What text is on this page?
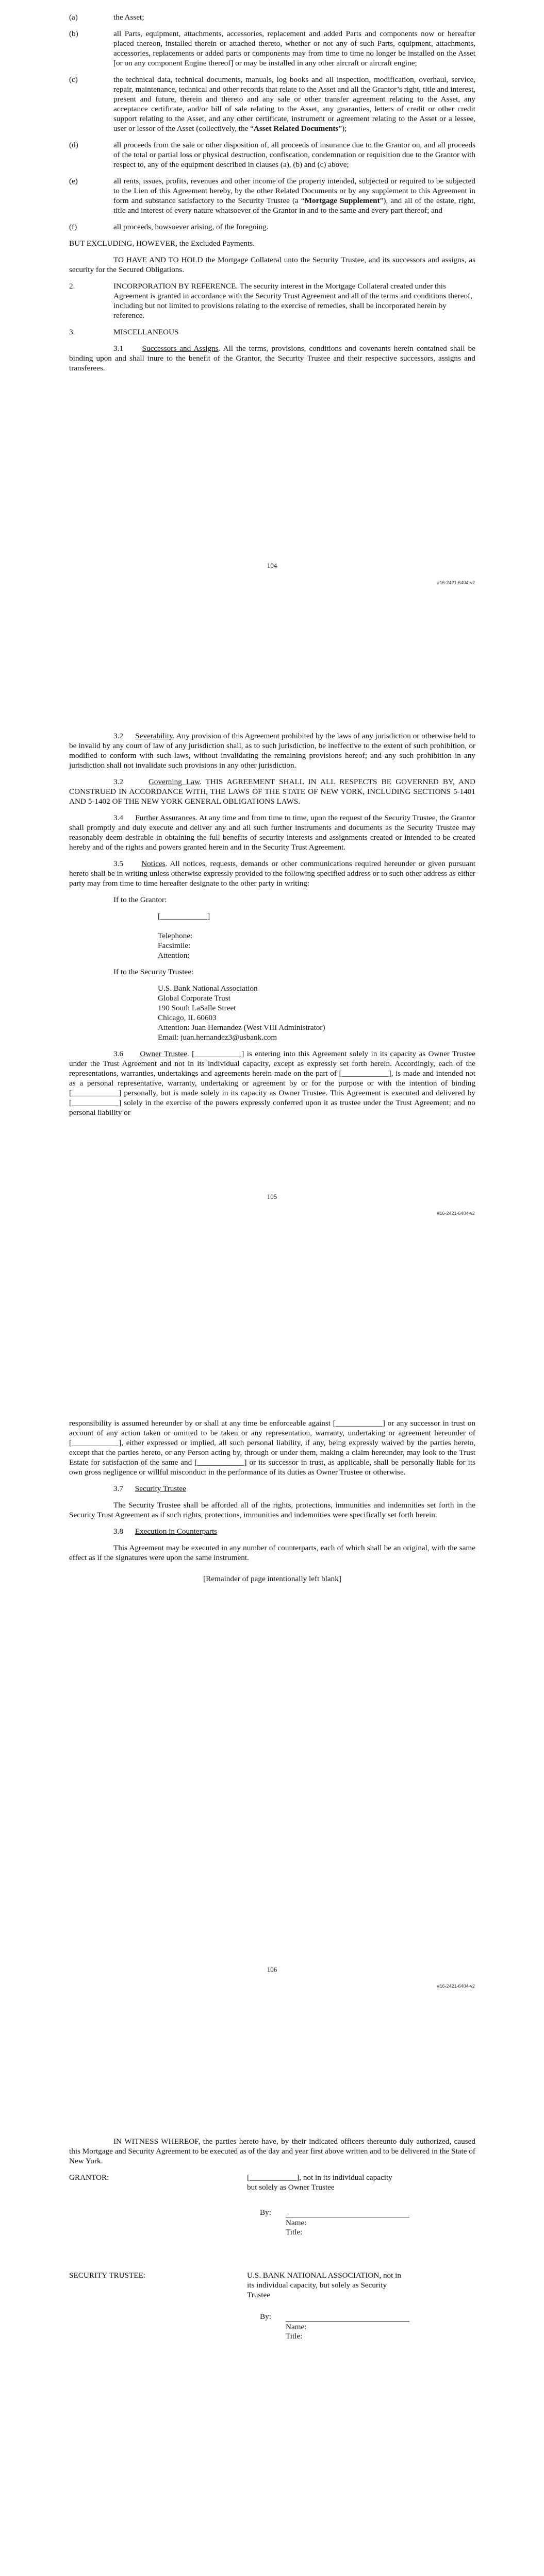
(a)	the Asset;
(b)	all Parts, equipment, attachments, accessories, replacement and added Parts and components now or hereafter placed thereon, installed therein or attached thereto, whether or not any of such Parts, equipment, attachments, accessories, replacements or added parts or components may from time to time no longer be installed on the Asset [or on any component Engine thereof] or may be installed in any other aircraft or aircraft engine;
(c)	the technical data, technical documents, manuals, log books and all inspection, modification, overhaul, service, repair, maintenance, technical and other records that relate to the Asset and all the Grantor’s right, title and interest, present and future, therein and thereto and any sale or other transfer agreement relating to the Asset, any acceptance certificate, and/or bill of sale relating to the Asset, any guaranties, letters of credit or other credit support relating to the Asset, and any other certificate, instrument or agreement relating to the Asset or a lessee, user or lessor of the Asset (collectively, the “Asset Related Documents”);
(d)	all proceeds from the sale or other disposition of, all proceeds of insurance due to the Grantor on, and all proceeds of the total or partial loss or physical destruction, confiscation, condemnation or requisition due to the Grantor with respect to, any of the equipment described in clauses (a), (b) and (c) above;
(e)	all rents, issues, profits, revenues and other income of the property intended, subjected or required to be subjected to the Lien of this Agreement hereby, by the other Related Documents or by any supplement to this Agreement in form and substance satisfactory to the Security Trustee (a “Mortgage Supplement”), and all of the estate, right, title and interest of every nature whatsoever of the Grantor in and to the same and every part thereof; and
(f)	all proceeds, howsoever arising, of the foregoing.

BUT EXCLUDING, HOWEVER, the Excluded Payments.

TO HAVE AND TO HOLD the Mortgage Collateral unto the Security Trustee, and its successors and assigns, as security for the Secured Obligations.

2.	INCORPORATION BY REFERENCE. The security interest in the Mortgage Collateral created under this Agreement is granted in accordance with the Security Trust Agreement and all of the terms and conditions thereof, including but not limited to provisions relating to the exercise of remedies, shall be incorporated herein by reference.
3.	MISCELLANEOUS

3.1 Successors and Assigns. All the terms, provisions, conditions and covenants herein contained shall be binding upon and shall inure to the benefit of the Grantor, the Security Trustee and their respective successors, assigns and transferees.

104
#16-2421-6404-v2

3.2 Severability. Any provision of this Agreement prohibited by the laws of any jurisdiction or otherwise held to be invalid by any court of law of any jurisdiction shall, as to such jurisdiction, be ineffective to the extent of such prohibition, or modified to conform with such laws, without invalidating the remaining provisions hereof; and any such prohibition in any jurisdiction shall not invalidate such provisions in any other jurisdiction.

3.2	Governing Law. THIS AGREEMENT SHALL IN ALL RESPECTS BE GOVERNED BY, AND CONSTRUED IN ACCORDANCE WITH, THE LAWS OF THE STATE OF NEW YORK, INCLUDING SECTIONS 5-1401 AND 5-1402 OF THE NEW YORK GENERAL OBLIGATIONS LAWS.

3.4 Further Assurances. At any time and from time to time, upon the request of the Security Trustee, the Grantor shall promptly and duly execute and deliver any and all such further instruments and documents as the Security Trustee may reasonably deem desirable in obtaining the full benefits of security interests and assignments created or intended to be created hereby and of the rights and powers granted herein and in the Security Trust Agreement.

3.5 Notices. All notices, requests, demands or other communications required hereunder or given pursuant hereto shall be in writing unless otherwise expressly provided to the following specified address or to such other address as either party may from time to time hereafter designate to the other party in writing:

If to the Grantor:

[____________]
Telephone:
Facsimile:
Attention:

If to the Security Trustee:

U.S. Bank National Association
Global Corporate Trust
190 South LaSalle Street
Chicago, IL 60603
Attention: Juan Hernandez (West VIII Administrator)
Email: juan.hernandez3@usbank.com

3.6 Owner Trustee. [____________] is entering into this Agreement solely in its capacity as Owner Trustee under the Trust Agreement and not in its individual capacity, except as expressly set forth herein. Accordingly, each of the representations, warranties, undertakings and agreements herein made on the part of [____________], is made and intended not as a personal representative, warranty, undertaking or agreement by or for the purpose or with the intention of binding [____________] personally, but is made solely in its capacity as Owner Trustee. This Agreement is executed and delivered by [____________] solely in the exercise of the powers expressly conferred upon it as trustee under the Trust Agreement; and no personal liability or

105
#16-2421-6404-v2

responsibility is assumed hereunder by or shall at any time be enforceable against [____________] or any successor in trust on account of any action taken or omitted to be taken or any representation, warranty, undertaking or agreement hereunder of [____________], either expressed or implied, all such personal liability, if any, being expressly waived by the parties hereto, except that the parties hereto, or any Person acting by, through or under them, making a claim hereunder, may look to the Trust Estate for satisfaction of the same and [____________] or its successor in trust, as applicable, shall be personally liable for its own gross negligence or willful misconduct in the performance of its duties as Owner Trustee or otherwise.

3.7 Security Trustee

The Security Trustee shall be afforded all of the rights, protections, immunities and indemnities set forth in the Security Trust Agreement as if such rights, protections, immunities and indemnities were specifically set forth herein.

3.8 Execution in Counterparts

This Agreement may be executed in any number of counterparts, each of which shall be an original, with the same effect as if the signatures were upon the same instrument.

[Remainder of page intentionally left blank]

106
#16-2421-6404-v2

IN WITNESS WHEREOF, the parties hereto have, by their indicated officers thereunto duly authorized, caused this Mortgage and Security Agreement to be executed as of the day and year first above written and to be delivered in the State of New York.

GRANTOR:	[____________], not in its individual capacity but solely as Owner Trustee
By:
Name:
Title:
SECURITY TRUSTEE:	U.S. BANK NATIONAL ASSOCIATION, not in its individual capacity, but solely as Security Trustee
By:
Name:
Title:
